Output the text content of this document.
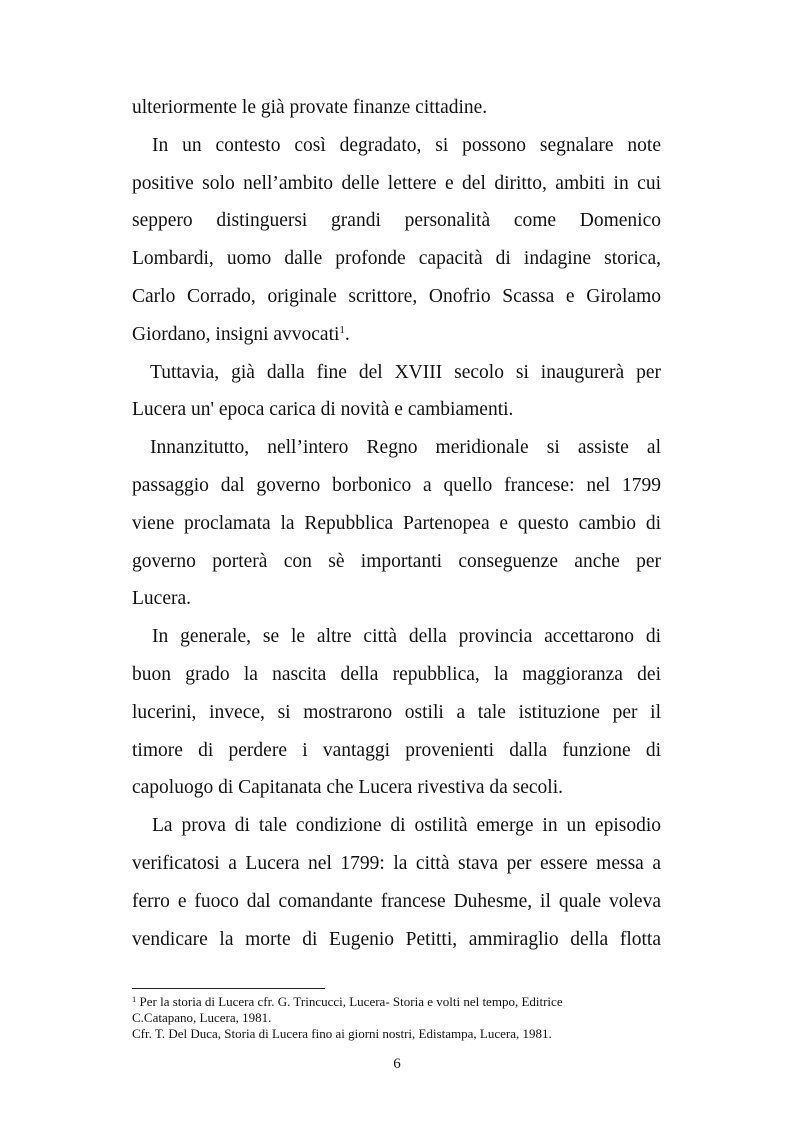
ulteriormente le già provate finanze cittadine.
In un contesto così degradato, si possono segnalare note
positive solo nell’ambito delle lettere e del diritto, ambiti in cui
seppero distinguersi grandi personalità come Domenico
Lombardi, uomo dalle profonde capacità di indagine storica,
Carlo Corrado, originale scrittore, Onofrio Scassa e Girolamo
Giordano, insigni avvocati$^1$.
Tuttavia, già dalla fine del XVIII secolo si inaugurerà per
Lucera un' epoca carica di novità e cambiamenti.
Innanzitutto, nell’intero Regno meridionale si assiste al
passaggio dal governo borbonico a quello francese: nel 1799
viene proclamata la Repubblica Partenopea e questo cambio di
governo porterà con sè importanti conseguenze anche per
Lucera.
In generale, se le altre città della provincia accettarono di
buon grado la nascita della repubblica, la maggioranza dei
lucerini, invece, si mostrarono ostili a tale istituzione per il
timore di perdere i vantaggi provenienti dalla funzione di
capoluogo di Capitanata che Lucera rivestiva da secoli.
La prova di tale condizione di ostilità emerge in un episodio
verificatosi a Lucera nel 1799: la città stava per essere messa a
ferro e fuoco dal comandante francese Duhesme, il quale voleva
vendicare la morte di Eugenio Petitti, ammiraglio della flotta
$^1$ Per la storia di Lucera cfr. G. Trincucci, Lucera- Storia e volti nel tempo, Editrice
C.Catapano, Lucera, 1981.
Cfr. T. Del Duca, Storia di Lucera fino ai giorni nostri, Edistampa, Lucera, 1981.
6
